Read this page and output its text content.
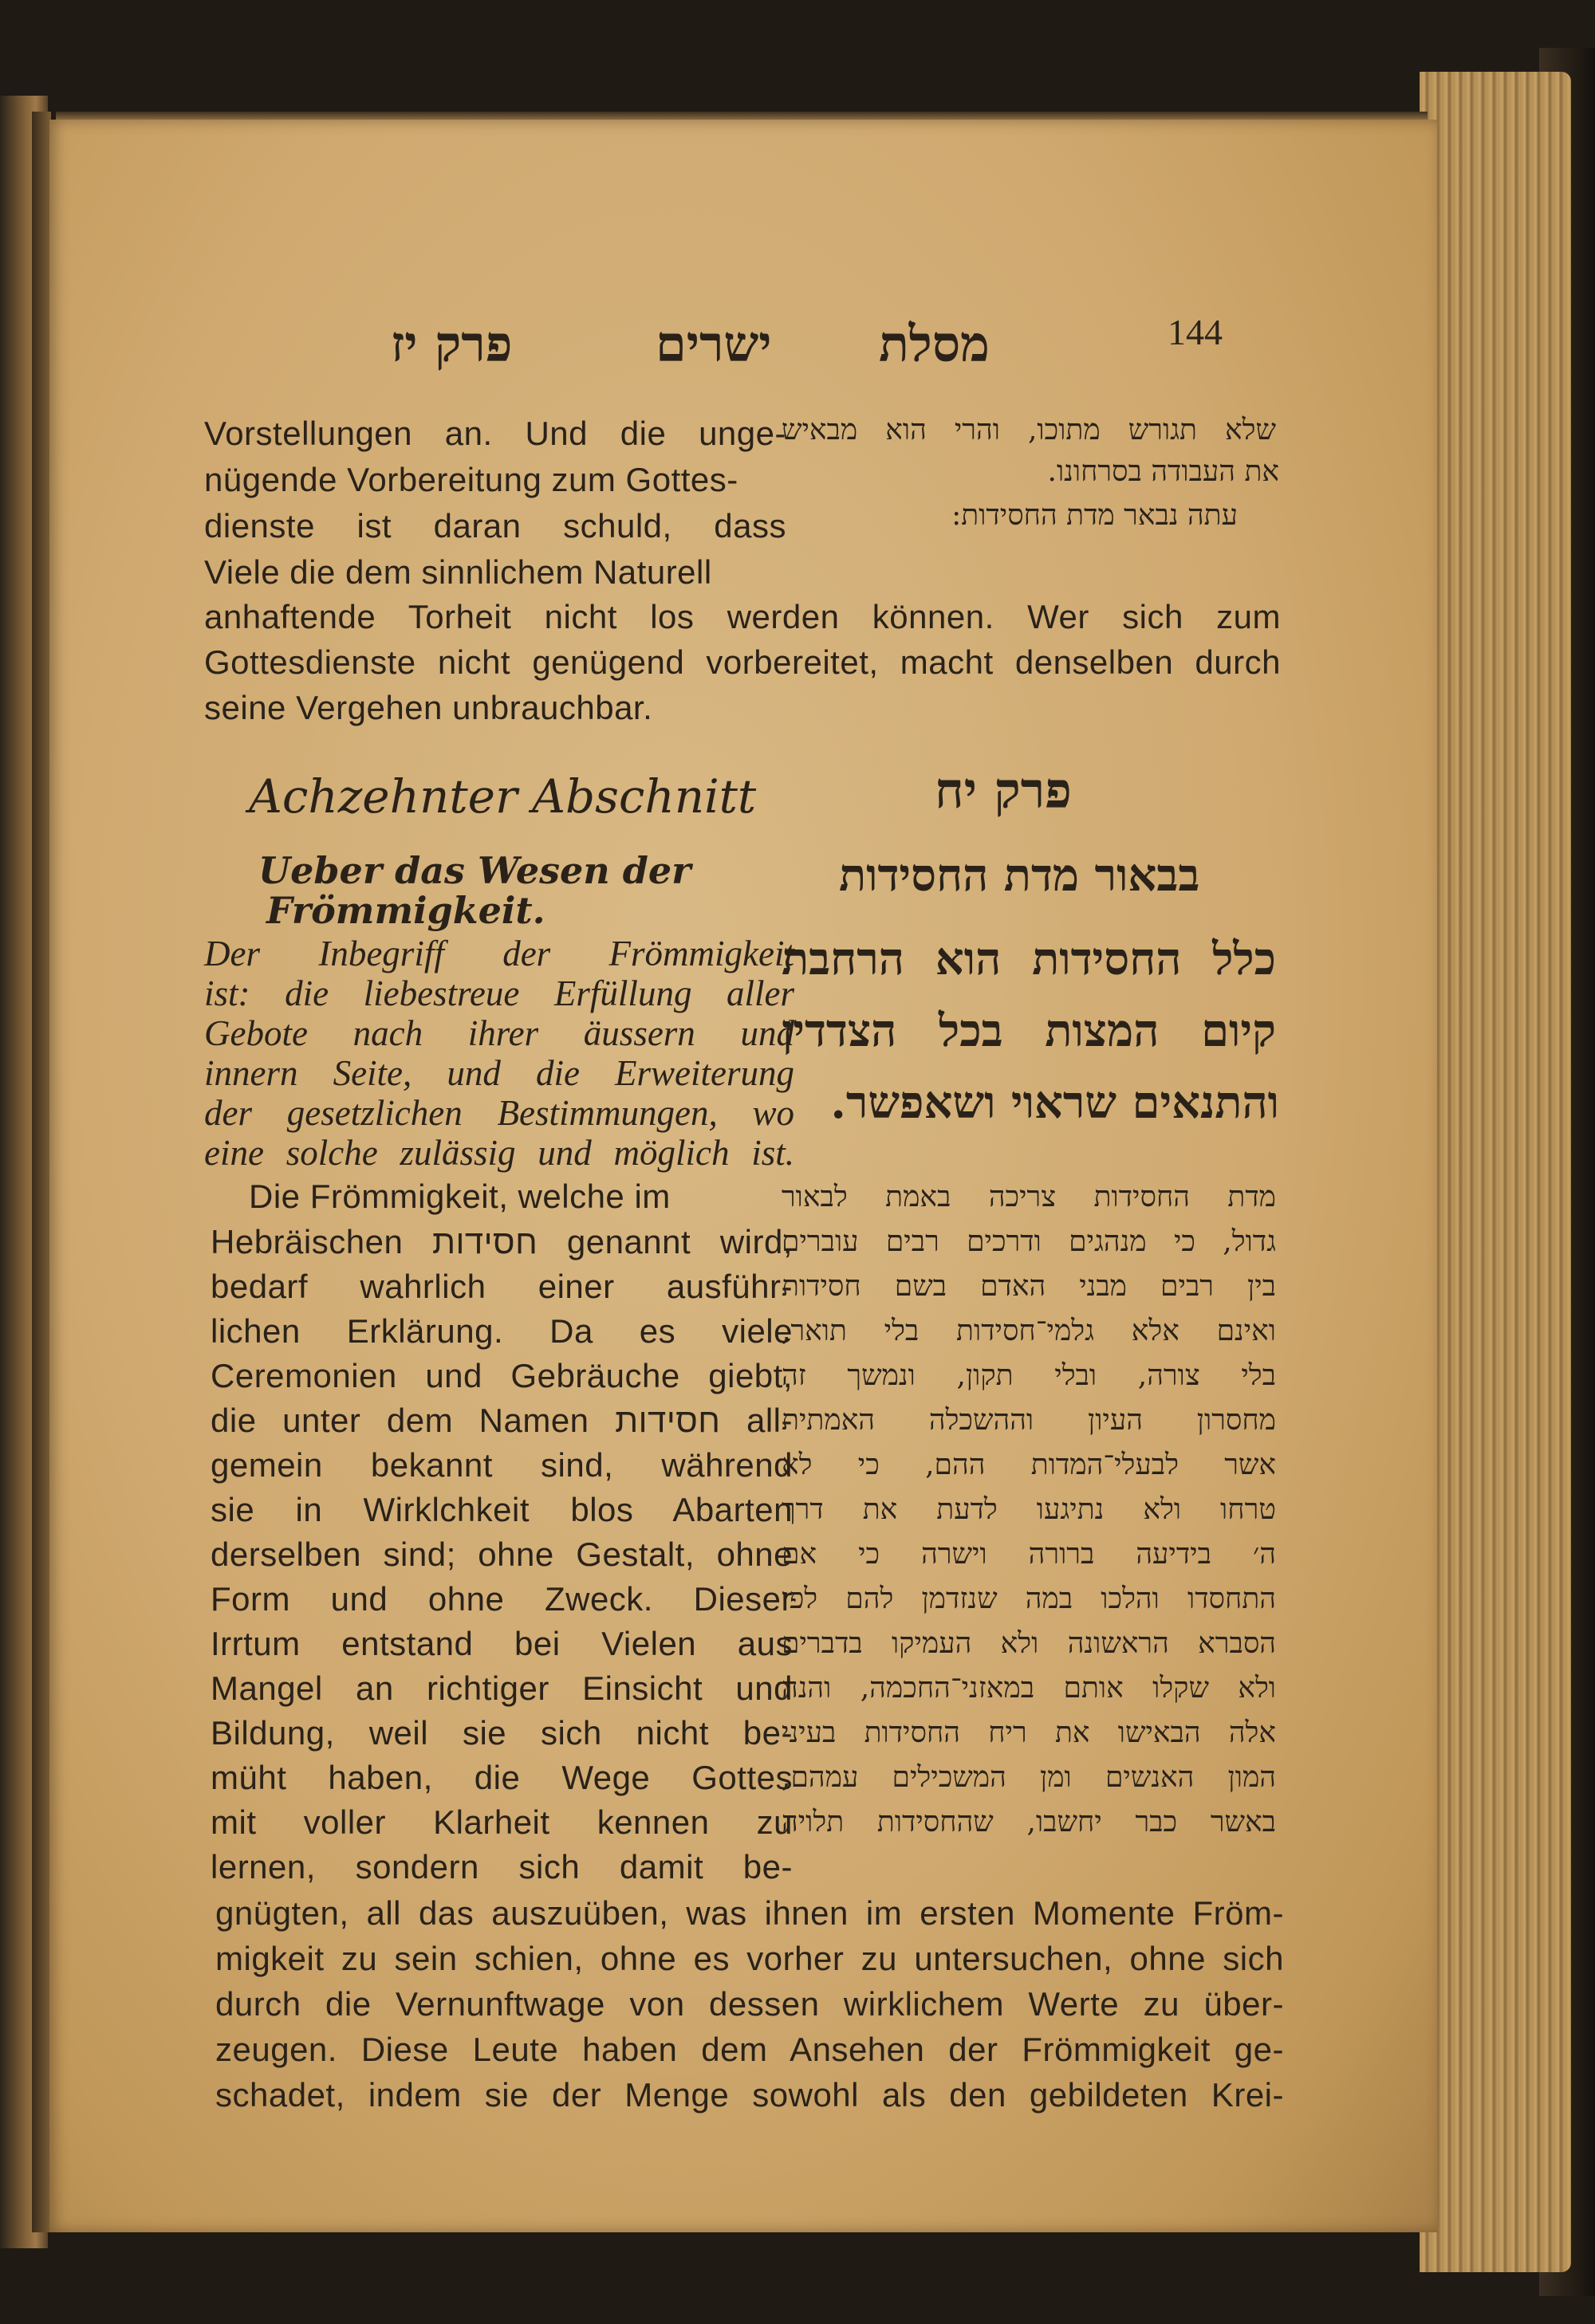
מסלת
ישרים
פרק יז	144
שלא תגורש מתוכו, והרי הוא מבאיש
את העבודה בסרחונו.
עתה נבאר מדת החסידות:
Vorstellungen an. Und die unge-
nügende Vorbereitung zum Gottes-
dienste ist daran schuld, dass
Viele die dem sinnlichem Naturell
anhaftende Torheit nicht los werden können. Wer sich zum
Gottesdienste nicht genügend vorbereitet, macht denselben durch
seine Vergehen unbrauchbar.
Achzehnter Abschnitt	פרק יח
Ueber das Wesen der
Frömmigkeit.
בבאור מדת החסידות
Der Inbegriff der Frömmigkeit
ist: die liebestreue Erfüllung aller
Gebote nach ihrer äussern und
innern Seite, und die Erweiterung
der gesetzlichen Bestimmungen, wo
eine solche zulässig und möglich ist.
כלל החסידות הוא הרחבת
קיום המצות בכל הצדדין
והתנאים שראוי ושאפשר.
Die Frömmigkeit, welche im
Hebräischen חסידות genannt wird,
bedarf wahrlich einer ausführ-
lichen Erklärung. Da es viele
Ceremonien und Gebräuche giebt,
die unter dem Namen חסידות all-
gemein bekannt sind, während
sie in Wirklchkeit blos Abarten
derselben sind; ohne Gestalt, ohne
Form und ohne Zweck. Dieser
Irrtum entstand bei Vielen aus
Mangel an richtiger Einsicht und
Bildung, weil sie sich nicht be-
müht haben, die Wege Gottes
mit voller Klarheit kennen zu
lernen, sondern sich damit be-
מדת החסידות צריכה באמת לבאור
גדול, כי מנהגים ודרכים רבים עוברים
בין רבים מבני האדם בשם חסידות
ואינם אלא גלמי־חסידות בלי תואר,
בלי צורה, ובלי תקון, ונמשך זה
מחסרון העיון וההשכלה האמתית
אשר לבעלי־המדות ההם, כי לא
טרחו ולא נתיגעו לדעת את דרך
ה׳ בידיעה ברורה וישרה כי אם
התחסדו והלכו במה שנזדמן להם לפי
הסברא הראשונה ולא העמיקו בדברים
ולא שקלו אותם במאזני־החכמה, והנה
אלה הבאישו את ריח החסידות בעיני
המון האנשים ומן המשכילים עמהם,
באשר כבר יחשבו, שהחסידות תלויה
gnügten, all das auszuüben, was ihnen im ersten Momente Fröm-
migkeit zu sein schien, ohne es vorher zu untersuchen, ohne sich
durch die Vernunftwage von dessen wirklichem Werte zu über-
zeugen. Diese Leute haben dem Ansehen der Frömmigkeit ge-
schadet, indem sie der Menge sowohl als den gebildeten Krei-
